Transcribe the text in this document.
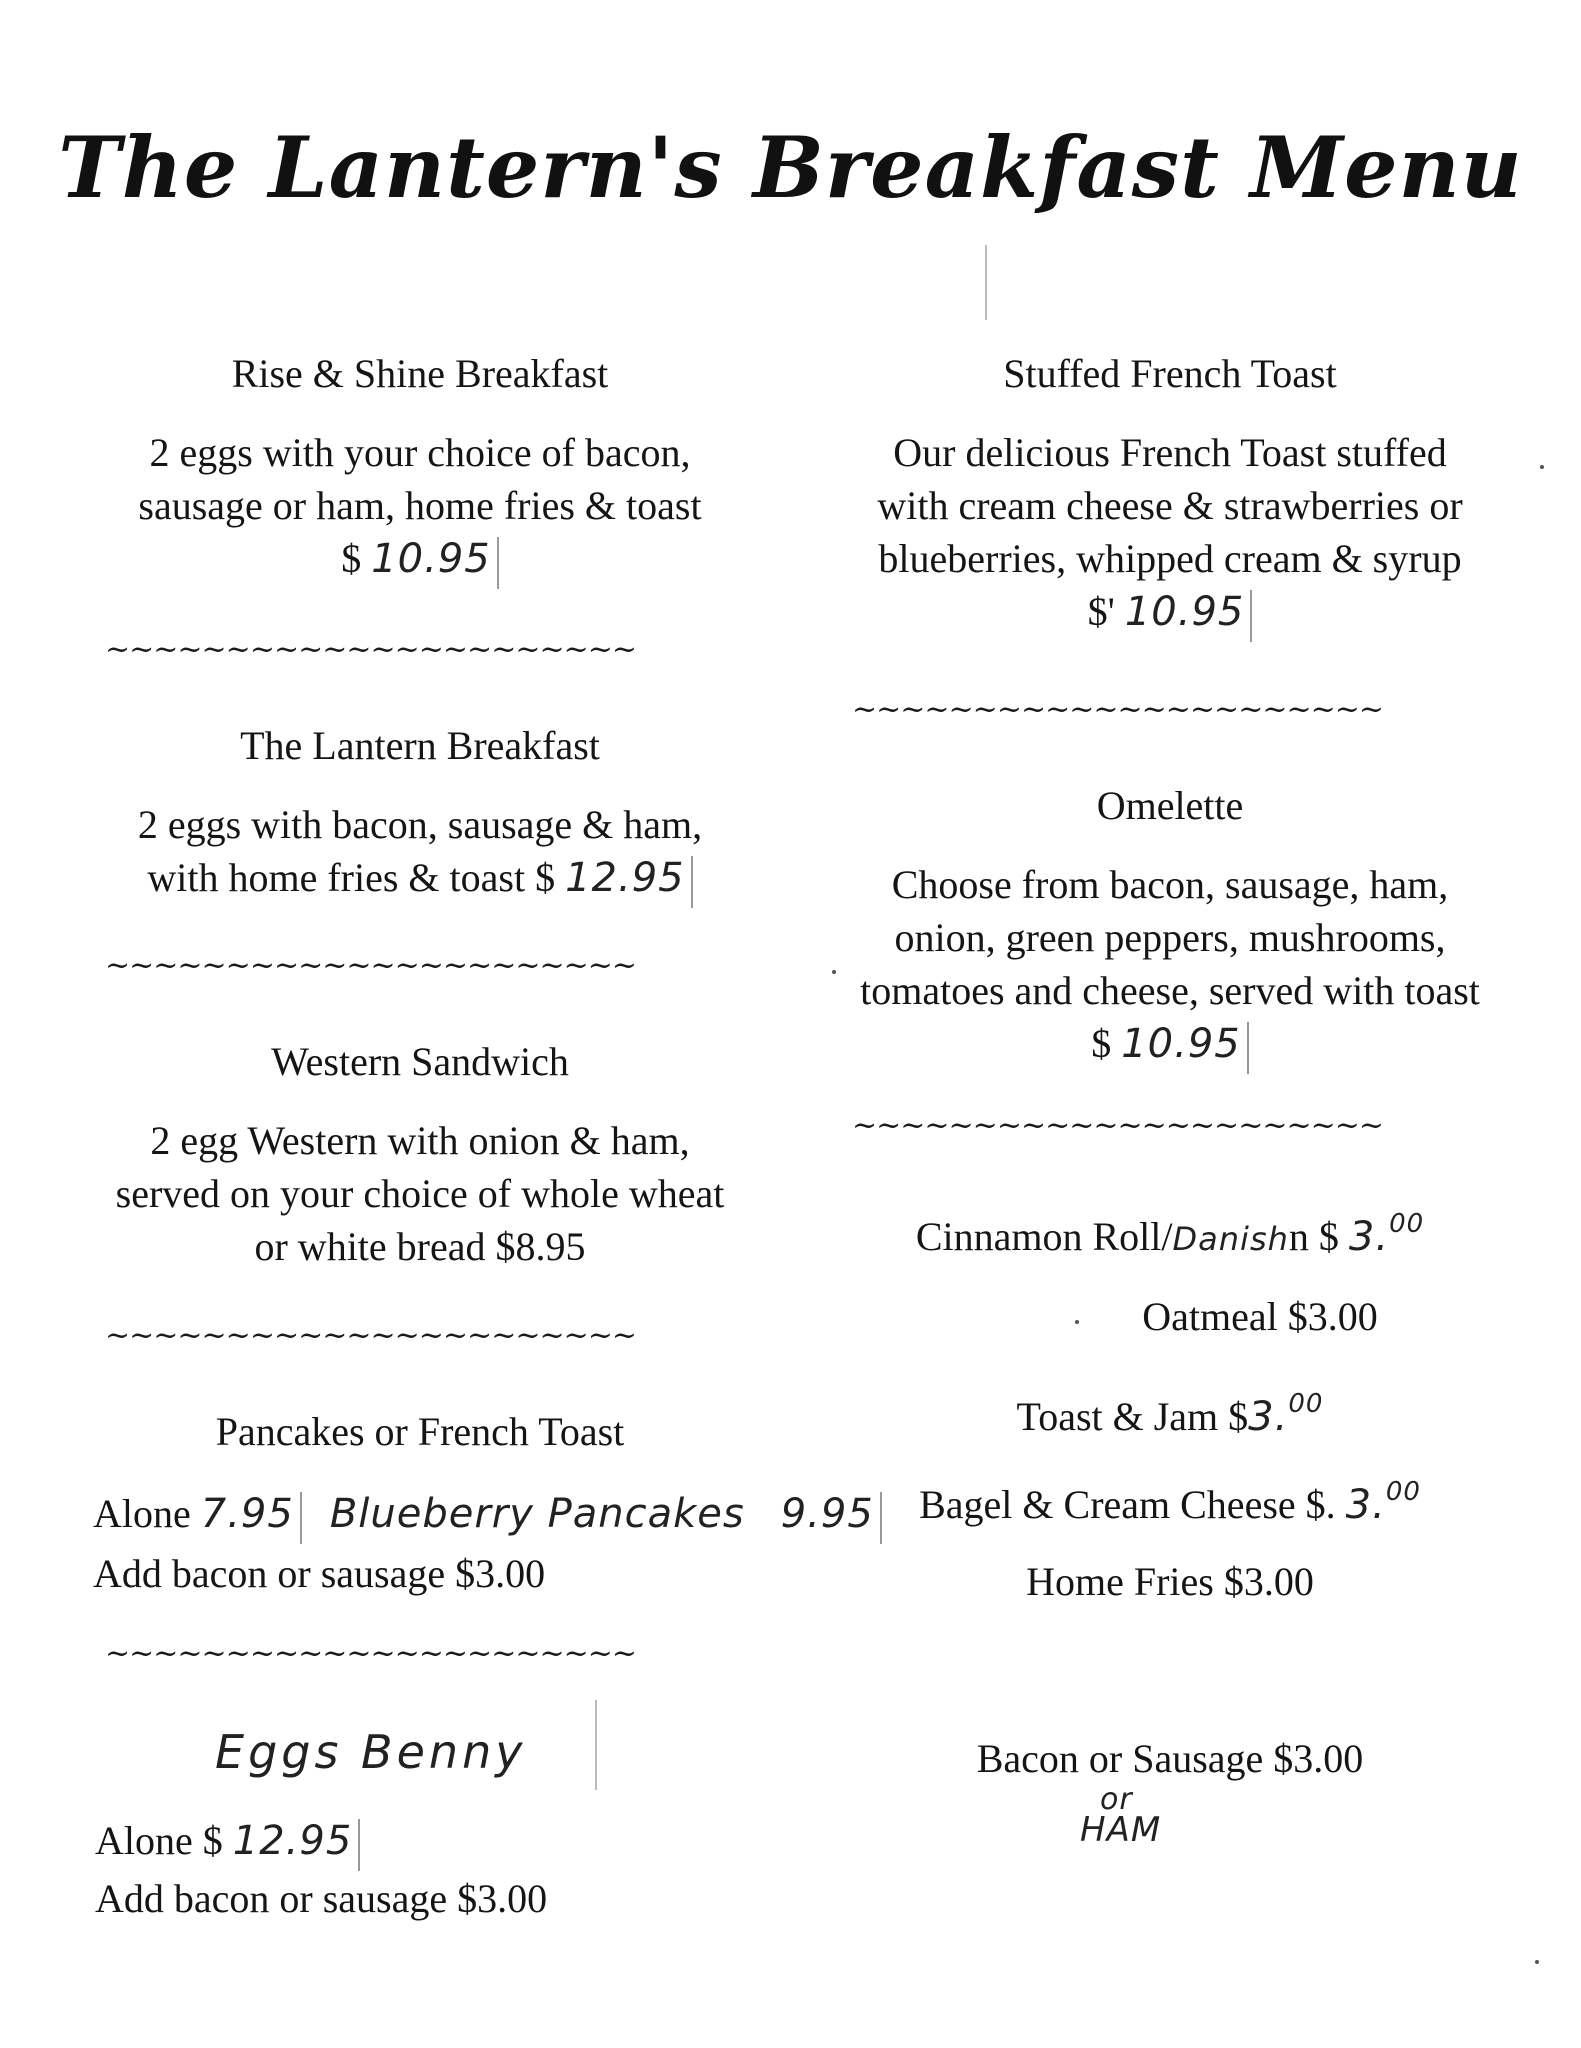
The Lantern's Breakfast Menu
Rise & Shine Breakfast
2 eggs with your choice of bacon,
sausage or ham, home fries & toast
$ 10.95
~~~~~~~~~~~~~~~~~~~~~~
The Lantern Breakfast
2 eggs with bacon, sausage & ham,
with home fries & toast $ 12.95
~~~~~~~~~~~~~~~~~~~~~~
Western Sandwich
2 egg Western with onion & ham,
served on your choice of whole wheat
or white bread $8.95
~~~~~~~~~~~~~~~~~~~~~~
Pancakes or French Toast
Alone 7.95 Blueberry Pancakes 9.95
Add bacon or sausage $3.00
~~~~~~~~~~~~~~~~~~~~~~
Eggs Benny
Alone $ 12.95
Add bacon or sausage $3.00
Stuffed French Toast
Our delicious French Toast stuffed
with cream cheese & strawberries or
blueberries, whipped cream & syrup
$' 10.95
~~~~~~~~~~~~~~~~~~~~~~
Omelette
Choose from bacon, sausage, ham,
onion, green peppers, mushrooms,
tomatoes and cheese, served with toast
$ 10.95
~~~~~~~~~~~~~~~~~~~~~~
Cinnamon Roll/Danishn $ 3.00
Oatmeal $3.00
Toast & Jam $3.00
Bagel & Cream Cheese $. 3.00
Home Fries $3.00
Bacon or Sausage $3.00
or
HAM
